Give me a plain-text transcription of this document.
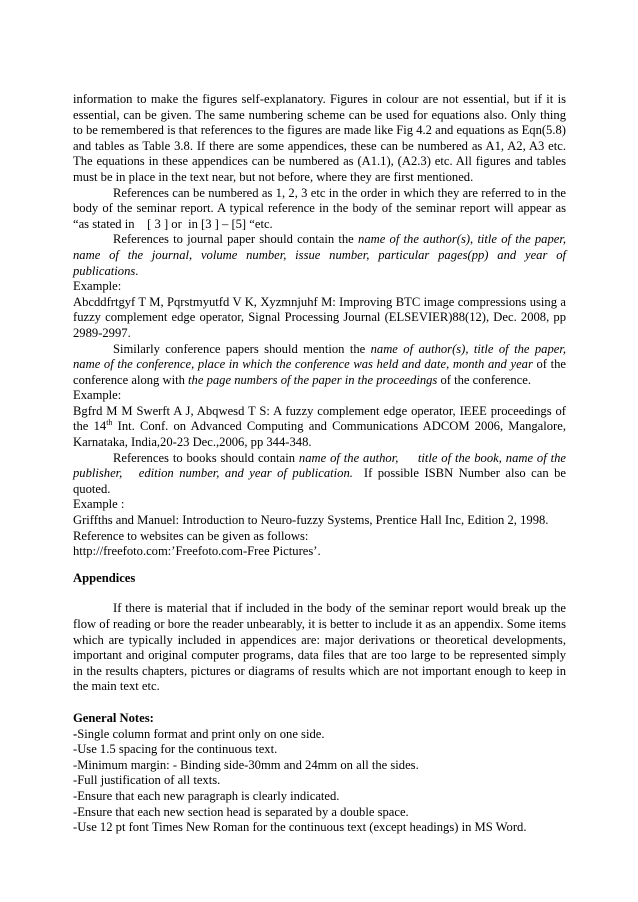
information to make the figures self-explanatory. Figures in colour are not essential, but if it is essential, can be given. The same numbering scheme can be used for equations also. Only thing to be remembered is that references to the figures are made like Fig 4.2 and equations as Eqn(5.8) and tables as Table 3.8. If there are some appendices, these can be numbered as A1, A2, A3 etc. The equations in these appendices can be numbered as (A1.1), (A2.3) etc. All figures and tables must be in place in the text near, but not before, where they are first mentioned.

References can be numbered as 1, 2, 3 etc in the order in which they are referred to in the body of the seminar report. A typical reference in the body of the seminar report will appear as “as stated in    [ 3 ] or  in [3 ] – [5] “etc.

References to journal paper should contain the name of the author(s), title of the paper, name of the journal, volume number, issue number, particular pages(pp) and year of publications.

Example:

Abcddfrtgyf T M, Pqrstmyutfd V K, Xyzmnjuhf M: Improving BTC image compressions using a fuzzy complement edge operator, Signal Processing Journal (ELSEVIER)88(12), Dec. 2008, pp 2989-2997.

Similarly conference papers should mention the name of author(s), title of the paper, name of the conference, place in which the conference was held and date, month and year of the conference along with the page numbers of the paper in the proceedings of the conference.

Example:

Bgfrd M M Swerft A J, Abqwesd T S: A fuzzy complement edge operator, IEEE proceedings of the 14th Int. Conf. on Advanced Computing and Communications ADCOM 2006, Mangalore, Karnataka, India,20-23 Dec.,2006, pp 344-348.

References to books should contain name of the author,     title of the book, name of the publisher,   edition number, and year of publication.  If possible ISBN Number also can be quoted.

Example :

Griffths and Manuel: Introduction to Neuro-fuzzy Systems, Prentice Hall Inc, Edition 2, 1998.

Reference to websites can be given as follows:

http://freefoto.com:’Freefoto.com-Free Pictures’.

Appendices

If there is material that if included in the body of the seminar report would break up the flow of reading or bore the reader unbearably, it is better to include it as an appendix. Some items which are typically included in appendices are: major derivations or theoretical developments, important and original computer programs, data files that are too large to be represented simply in the results chapters, pictures or diagrams of results which are not important enough to keep in the main text etc.

General Notes:

-Single column format and print only on one side.

-Use 1.5 spacing for the continuous text.

-Minimum margin: - Binding side-30mm and 24mm on all the sides.

-Full justification of all texts.

-Ensure that each new paragraph is clearly indicated.

-Ensure that each new section head is separated by a double space.

-Use 12 pt font Times New Roman for the continuous text (except headings) in MS Word.
